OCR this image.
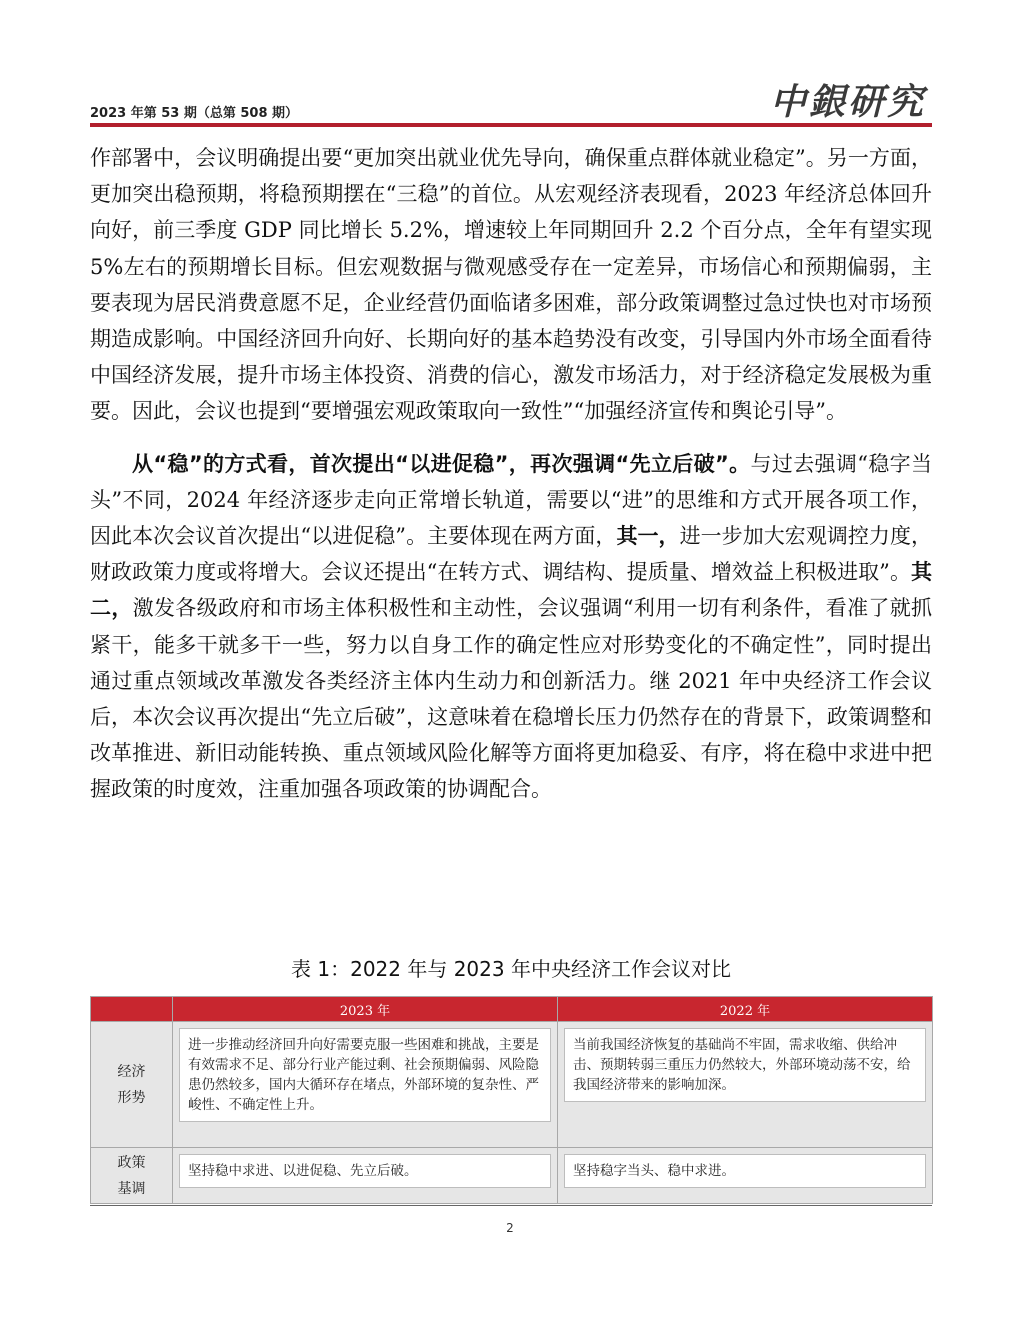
2023 年第 53 期（总第 508 期）	中銀研究

作部署中，会议明确提出要“更加突出就业优先导向，确保重点群体就业稳定”。另一方面，更加突出稳预期，将稳预期摆在“三稳”的首位。从宏观经济表现看，2023 年经济总体回升向好，前三季度 GDP 同比增长 5.2%，增速较上年同期回升 2.2 个百分点，全年有望实现 5%左右的预期增长目标。但宏观数据与微观感受存在一定差异，市场信心和预期偏弱，主要表现为居民消费意愿不足，企业经营仍面临诸多困难，部分政策调整过急过快也对市场预期造成影响。中国经济回升向好、长期向好的基本趋势没有改变，引导国内外市场全面看待中国经济发展，提升市场主体投资、消费的信心，激发市场活力，对于经济稳定发展极为重要。因此，会议也提到“要增强宏观政策取向一致性”“加强经济宣传和舆论引导”。

从“稳”的方式看，首次提出“以进促稳”，再次强调“先立后破”。与过去强调“稳字当头”不同，2024 年经济逐步走向正常增长轨道，需要以“进”的思维和方式开展各项工作，因此本次会议首次提出“以进促稳”。主要体现在两方面，其一，进一步加大宏观调控力度，财政政策力度或将增大。会议还提出“在转方式、调结构、提质量、增效益上积极进取”。其二，激发各级政府和市场主体积极性和主动性，会议强调“利用一切有利条件，看准了就抓紧干，能多干就多干一些，努力以自身工作的确定性应对形势变化的不确定性”，同时提出通过重点领域改革激发各类经济主体内生动力和创新活力。继 2021 年中央经济工作会议后，本次会议再次提出“先立后破”，这意味着在稳增长压力仍然存在的背景下，政策调整和改革推进、新旧动能转换、重点领域风险化解等方面将更加稳妥、有序，将在稳中求进中把握政策的时度效，注重加强各项政策的协调配合。

表 1：2022 年与 2023 年中央经济工作会议对比
	2023 年	2022 年
经济
形势	进一步推动经济回升向好需要克服一些困难和挑战，主要是有效需求不足、部分行业产能过剩、社会预期偏弱、风险隐患仍然较多，国内大循环存在堵点，外部环境的复杂性、严峻性、不确定性上升。	当前我国经济恢复的基础尚不牢固，需求收缩、供给冲击、预期转弱三重压力仍然较大，外部环境动荡不安，给我国经济带来的影响加深。

政策
基调	坚持稳中求进、以进促稳、先立后破。	坚持稳字当头、稳中求进。
2
